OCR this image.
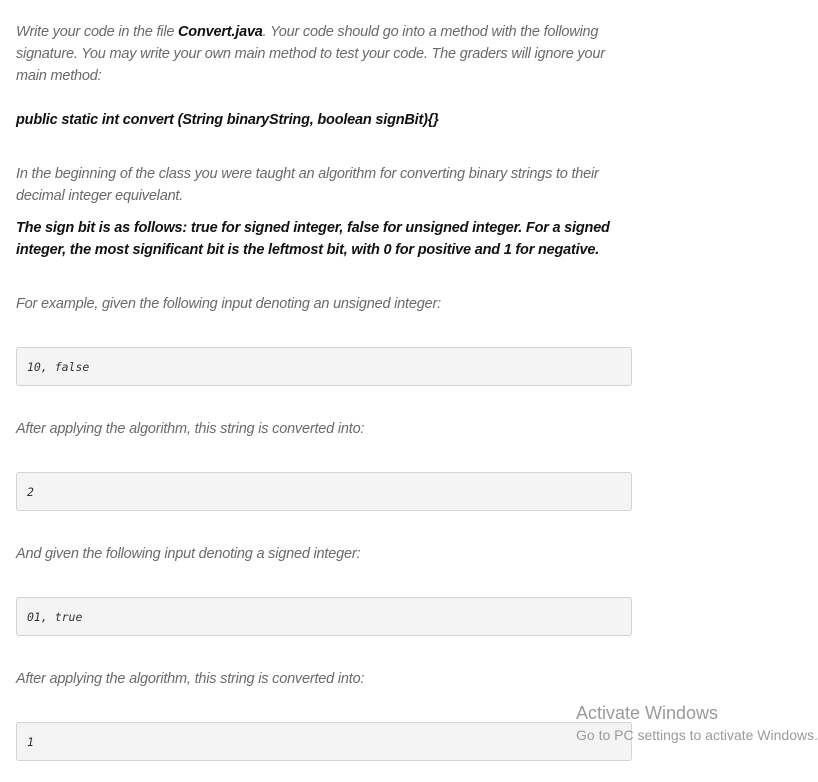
Write your code in the file Convert.java. Your code should go into a method with the following signature. You may write your own main method to test your code. The graders will ignore your main method:

public static int convert (String binaryString, boolean signBit){}

In the beginning of the class you were taught an algorithm for converting binary strings to their decimal integer equivelant.

The sign bit is as follows: true for signed integer, false for unsigned integer. For a signed integer, the most significant bit is the leftmost bit, with 0 for positive and 1 for negative.

For example, given the following input denoting an unsigned integer:

10, false

After applying the algorithm, this string is converted into:

2

And given the following input denoting a signed integer:

01, true

After applying the algorithm, this string is converted into:

1
Activate Windows
Go to PC settings to activate Windows.
